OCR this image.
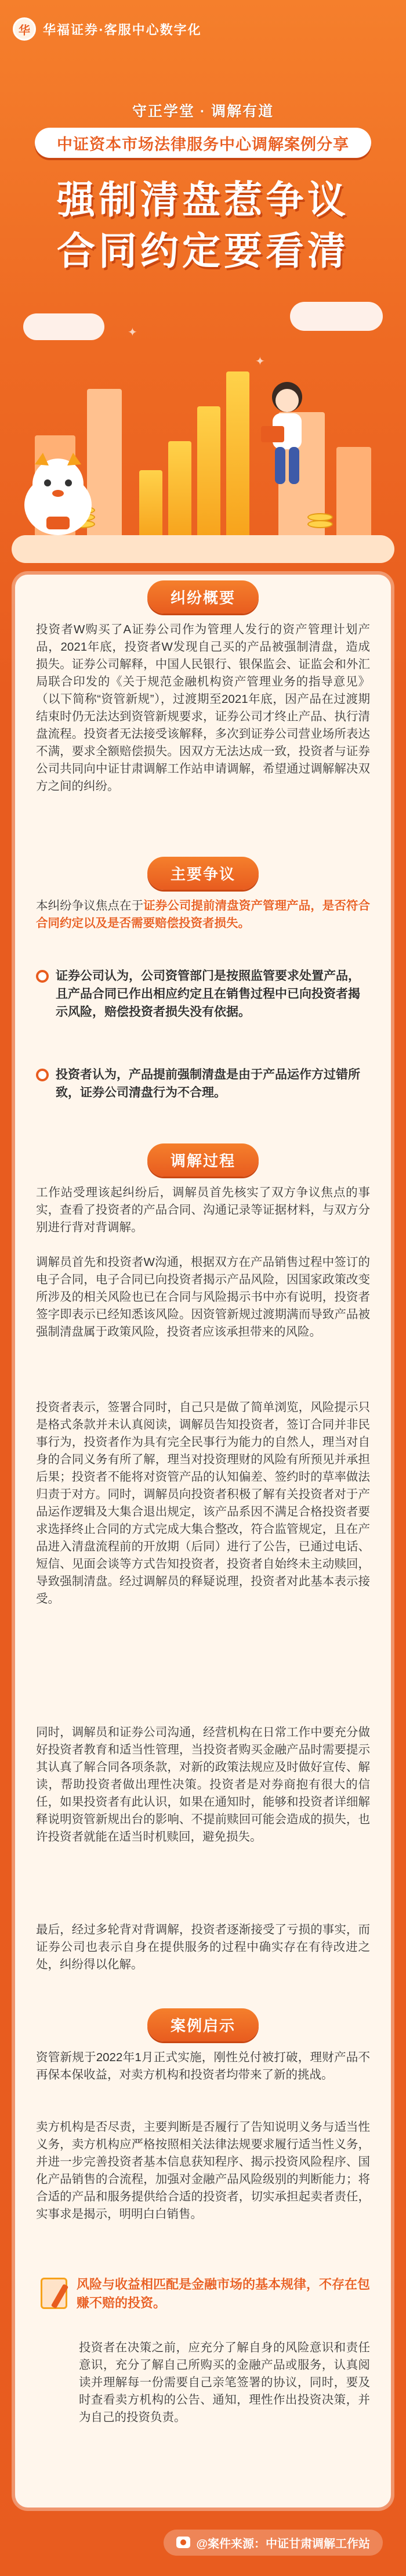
华	华福证券·客服中心数字化
守正学堂 · 调解有道
中证资本市场法律服务中心调解案例分享
强制清盘惹争议
合同约定要看清
✦
✦
纠纷概要

投资者W购买了A证券公司作为管理人发行的资产管理计划产品，2021年底，投资者W发现自己买的产品被强制清盘，造成损失。证券公司解释，中国人民银行、银保监会、证监会和外汇局联合印发的《关于规范金融机构资产管理业务的指导意见》（以下简称“资管新规”），过渡期至2021年底，因产品在过渡期结束时仍无法达到资管新规要求，证券公司才终止产品、执行清盘流程。投资者无法接受该解释，多次到证券公司营业场所表达不满，要求全额赔偿损失。因双方无法达成一致，投资者与证券公司共同向中证甘肃调解工作站申请调解，希望通过调解解决双方之间的纠纷。

主要争议

本纠纷争议焦点在于证券公司提前清盘资产管理产品，是否符合合同约定以及是否需要赔偿投资者损失。

证券公司认为，公司资管部门是按照监管要求处置产品，且产品合同已作出相应约定且在销售过程中已向投资者揭示风险，赔偿投资者损失没有依据。
投资者认为，产品提前强制清盘是由于产品运作方过错所致，证券公司清盘行为不合理。
调解过程

工作站受理该起纠纷后，调解员首先核实了双方争议焦点的事实，查看了投资者的产品合同、沟通记录等证据材料，与双方分别进行背对背调解。

调解员首先和投资者W沟通，根据双方在产品销售过程中签订的电子合同，电子合同已向投资者揭示产品风险，因国家政策改变所涉及的相关风险也已在合同与风险揭示书中亦有说明，投资者签字即表示已经知悉该风险。因资管新规过渡期满而导致产品被强制清盘属于政策风险，投资者应该承担带来的风险。

投资者表示，签署合同时，自己只是做了简单浏览，风险提示只是格式条款并未认真阅读，调解员告知投资者，签订合同并非民事行为，投资者作为具有完全民事行为能力的自然人，理当对自身的合同义务有所了解，理当对投资理财的风险有所预见并承担后果；投资者不能将对资管产品的认知偏差、签约时的草率做法归责于对方。同时，调解员向投资者积极了解有关投资者对于产品运作逻辑及大集合退出规定，该产品系因不满足合格投资者要求选择终止合同的方式完成大集合整改，符合监管规定，且在产品进入清盘流程前的开放期（后同）进行了公告，已通过电话、短信、见面会谈等方式告知投资者，投资者自始终未主动赎回，导致强制清盘。经过调解员的释疑说理，投资者对此基本表示接受。

同时，调解员和证券公司沟通，经营机构在日常工作中要充分做好投资者教育和适当性管理，当投资者购买金融产品时需要提示其认真了解合同各项条款，对新的政策法规应及时做好宣传、解读，帮助投资者做出理性决策。投资者是对券商抱有很大的信任，如果投资者有此认识，如果在通知时，能够和投资者详细解释说明资管新规出台的影响、不提前赎回可能会造成的损失，也许投资者就能在适当时机赎回，避免损失。

最后，经过多轮背对背调解，投资者逐渐接受了亏损的事实，而证券公司也表示自身在提供服务的过程中确实存在有待改进之处，纠纷得以化解。

案例启示

资管新规于2022年1月正式实施，刚性兑付被打破，理财产品不再保本保收益，对卖方机构和投资者均带来了新的挑战。

卖方机构是否尽责，主要判断是否履行了告知说明义务与适当性义务，卖方机构应严格按照相关法律法规要求履行适当性义务，并进一步完善投资者基本信息获知程序、揭示投资风险程序、国化产品销售的合流程，加强对金融产品风险级别的判断能力；将合适的产品和服务提供给合适的投资者，切实承担起卖者责任，实事求是揭示，明明白白销售。

风险与收益相匹配是金融市场的基本规律，不存在包赚不赔的投资。

投资者在决策之前，应充分了解自身的风险意识和责任意识，充分了解自己所购买的金融产品或服务，认真阅读并理解每一份需要自己亲笔签署的协议，同时，要及时查看卖方机构的公告、通知，理性作出投资决策，并为自己的投资负责。

@案件来源：中证甘肃调解工作站
